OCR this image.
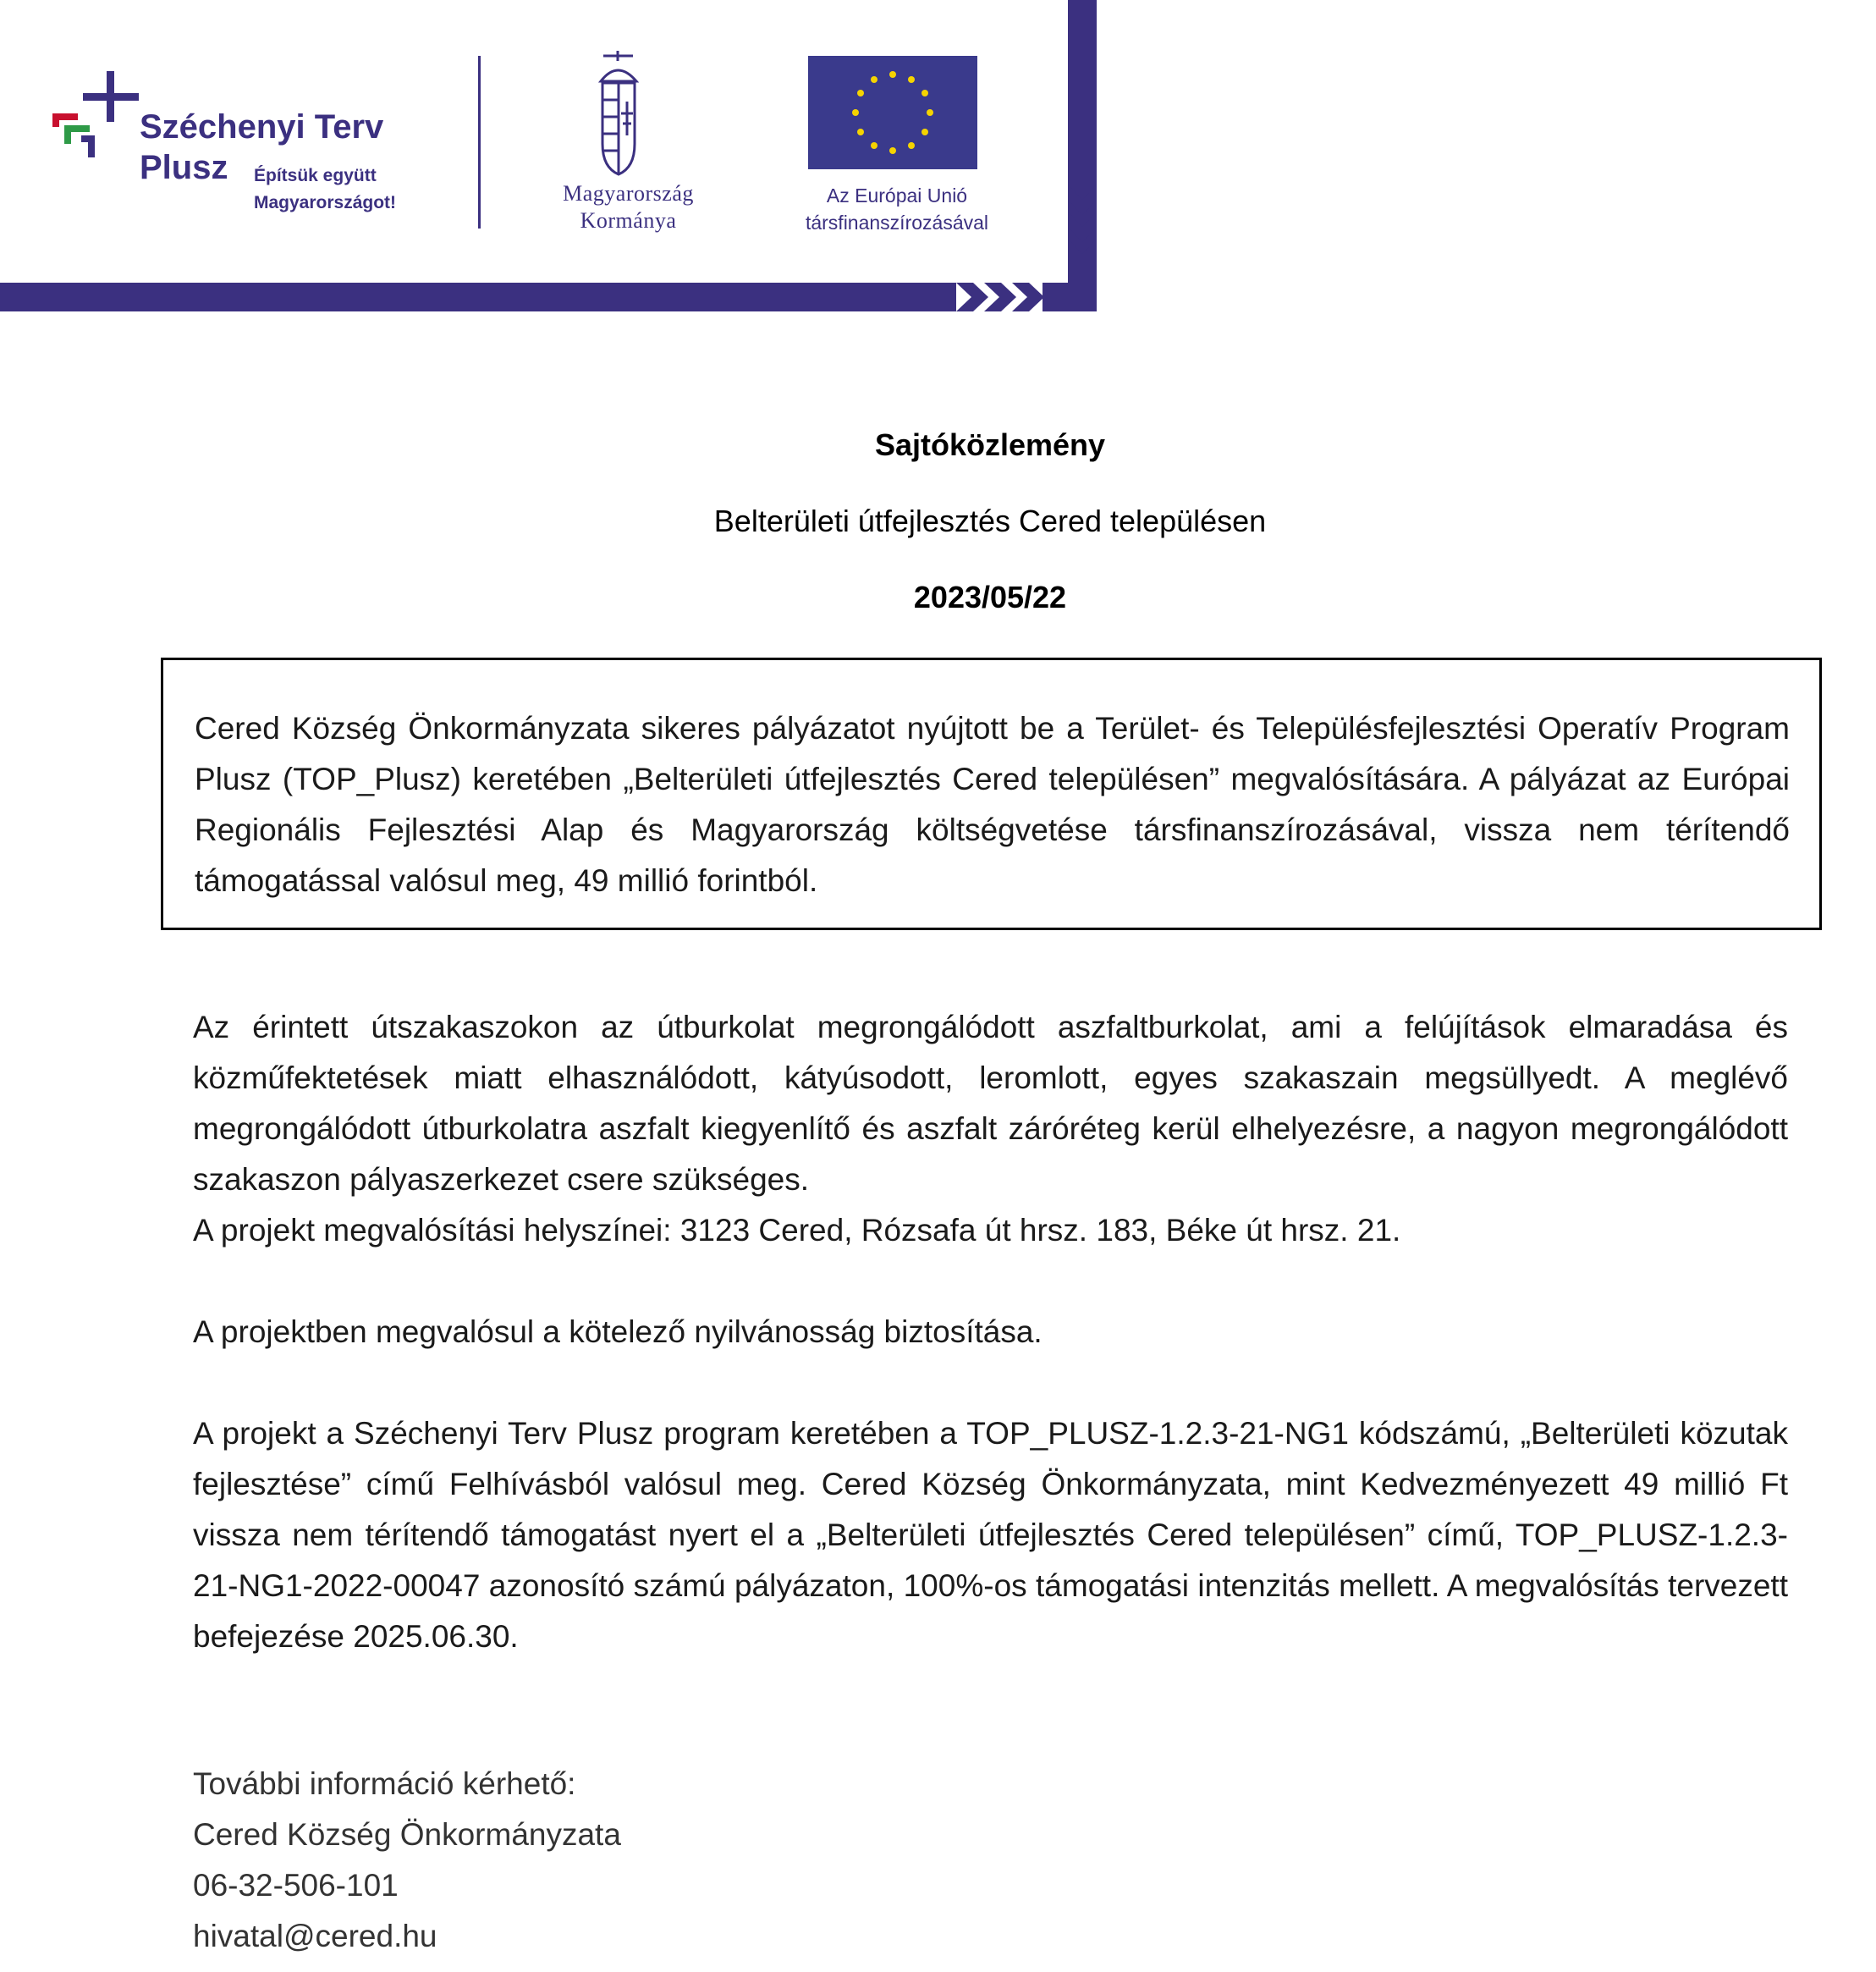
Széchenyi Terv
Plusz Építsük együtt
Magyarországot!	Magyarország
Kormánya
Az Európai Unió
társfinanszírozásával
Sajtóközlemény
Belterületi útfejlesztés Cered településen
2023/05/22
Cered Község Önkormányzata sikeres pályázatot nyújtott be a Terület- és Településfejlesztési Operatív Program Plusz (TOP_Plusz) keretében „Belterületi útfejlesztés Cered településen” megvalósítására. A pályázat az Európai Regionális Fejlesztési Alap és Magyarország költségvetése társfinanszírozásával, vissza nem térítendő támogatással valósul meg, 49 millió forintból.
Az érintett útszakaszokon az útburkolat megrongálódott aszfaltburkolat, ami a felújítások elmaradása és közműfektetések miatt elhasználódott, kátyúsodott, leromlott, egyes szakaszain megsüllyedt. A meglévő megrongálódott útburkolatra aszfalt kiegyenlítő és aszfalt záróréteg kerül elhelyezésre, a nagyon megrongálódott szakaszon pályaszerkezet csere szükséges.
A projekt megvalósítási helyszínei: 3123 Cered, Rózsafa út hrsz. 183, Béke út hrsz. 21.
A projektben megvalósul a kötelező nyilvánosság biztosítása.
A projekt a Széchenyi Terv Plusz program keretében a TOP_PLUSZ-1.2.3-21-NG1 kódszámú, „Belterületi közutak fejlesztése” című Felhívásból valósul meg. Cered Község Önkormányzata, mint Kedvezményezett 49 millió Ft vissza nem térítendő támogatást nyert el a „Belterületi útfejlesztés Cered településen” című, TOP_PLUSZ-1.2.3-21-NG1-2022-00047 azonosító számú pályázaton, 100%-os támogatási intenzitás mellett. A megvalósítás tervezett befejezése 2025.06.30.
További információ kérhető:
Cered Község Önkormányzata
06-32-506-101
hivatal@cered.hu
